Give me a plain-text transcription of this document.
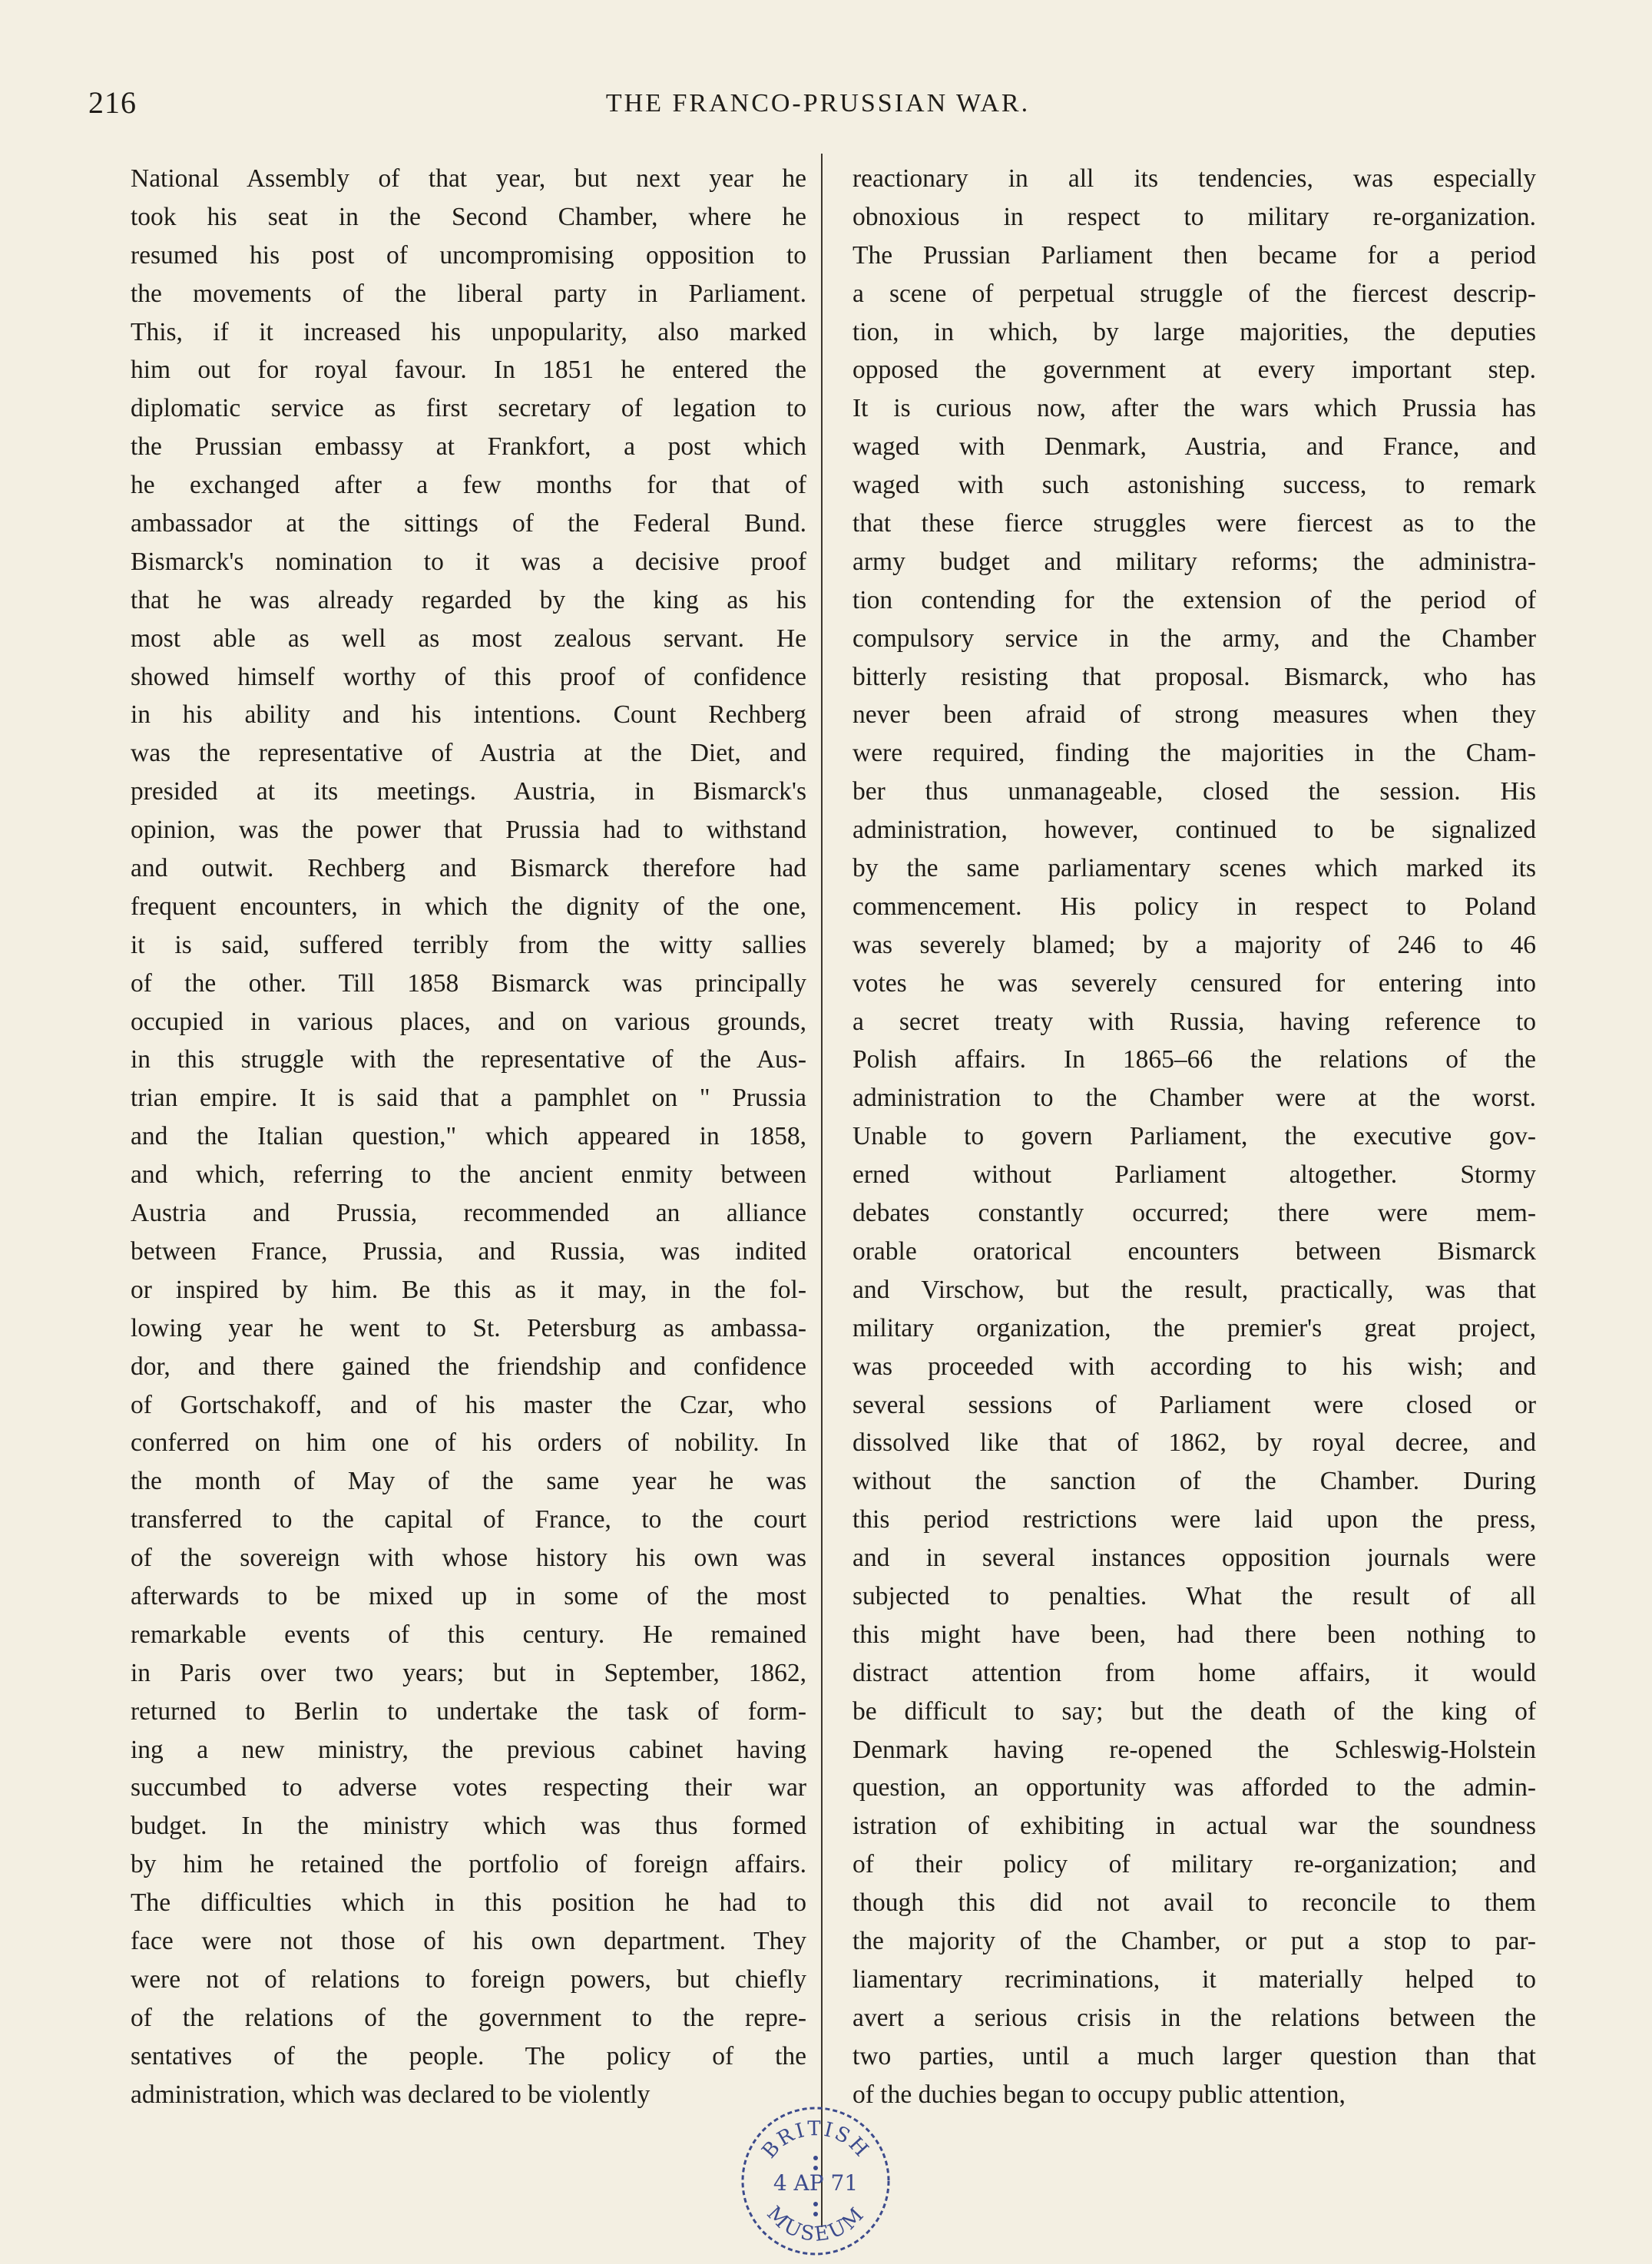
216	THE FRANCO-PRUSSIAN WAR.
National Assembly of that year, but next year he
took his seat in the Second Chamber, where he
resumed his post of uncompromising opposition to
the movements of the liberal party in Parliament.
This, if it increased his unpopularity, also marked
him out for royal favour. In 1851 he entered the
diplomatic service as first secretary of legation to
the Prussian embassy at Frankfort, a post which
he exchanged after a few months for that of
ambassador at the sittings of the Federal Bund.
Bismarck's nomination to it was a decisive proof
that he was already regarded by the king as his
most able as well as most zealous servant. He
showed himself worthy of this proof of confidence
in his ability and his intentions. Count Rechberg
was the representative of Austria at the Diet, and
presided at its meetings. Austria, in Bismarck's
opinion, was the power that Prussia had to withstand
and outwit. Rechberg and Bismarck therefore had
frequent encounters, in which the dignity of the one,
it is said, suffered terribly from the witty sallies
of the other. Till 1858 Bismarck was principally
occupied in various places, and on various grounds,
in this struggle with the representative of the Aus-
trian empire. It is said that a pamphlet on " Prussia
and the Italian question," which appeared in 1858,
and which, referring to the ancient enmity between
Austria and Prussia, recommended an alliance
between France, Prussia, and Russia, was indited
or inspired by him. Be this as it may, in the fol-
lowing year he went to St. Petersburg as ambassa-
dor, and there gained the friendship and confidence
of Gortschakoff, and of his master the Czar, who
conferred on him one of his orders of nobility. In
the month of May of the same year he was
transferred to the capital of France, to the court
of the sovereign with whose history his own was
afterwards to be mixed up in some of the most
remarkable events of this century. He remained
in Paris over two years; but in September, 1862,
returned to Berlin to undertake the task of form-
ing a new ministry, the previous cabinet having
succumbed to adverse votes respecting their war
budget. In the ministry which was thus formed
by him he retained the portfolio of foreign affairs.
The difficulties which in this position he had to
face were not those of his own department. They
were not of relations to foreign powers, but chiefly
of the relations of the government to the repre-
sentatives of the people. The policy of the
administration, which was declared to be violently
reactionary in all its tendencies, was especially
obnoxious in respect to military re-organization.
The Prussian Parliament then became for a period
a scene of perpetual struggle of the fiercest descrip-
tion, in which, by large majorities, the deputies
opposed the government at every important step.
It is curious now, after the wars which Prussia has
waged with Denmark, Austria, and France, and
waged with such astonishing success, to remark
that these fierce struggles were fiercest as to the
army budget and military reforms; the administra-
tion contending for the extension of the period of
compulsory service in the army, and the Chamber
bitterly resisting that proposal. Bismarck, who has
never been afraid of strong measures when they
were required, finding the majorities in the Cham-
ber thus unmanageable, closed the session. His
administration, however, continued to be signalized
by the same parliamentary scenes which marked its
commencement. His policy in respect to Poland
was severely blamed; by a majority of 246 to 46
votes he was severely censured for entering into
a secret treaty with Russia, having reference to
Polish affairs. In 1865–66 the relations of the
administration to the Chamber were at the worst.
Unable to govern Parliament, the executive gov-
erned without Parliament altogether. Stormy
debates constantly occurred; there were mem-
orable oratorical encounters between Bismarck
and Virschow, but the result, practically, was that
military organization, the premier's great project,
was proceeded with according to his wish; and
several sessions of Parliament were closed or
dissolved like that of 1862, by royal decree, and
without the sanction of the Chamber. During
this period restrictions were laid upon the press,
and in several instances opposition journals were
subjected to penalties. What the result of all
this might have been, had there been nothing to
distract attention from home affairs, it would
be difficult to say; but the death of the king of
Denmark having re-opened the Schleswig-Holstein
question, an opportunity was afforded to the admin-
istration of exhibiting in actual war the soundness
of their policy of military re-organization; and
though this did not avail to reconcile to them
the majority of the Chamber, or put a stop to par-
liamentary recriminations, it materially helped to
avert a serious crisis in the relations between the
two parties, until a much larger question than that
of the duchies began to occupy public attention,
BRITISH
4 AP 71
MUSEUM
